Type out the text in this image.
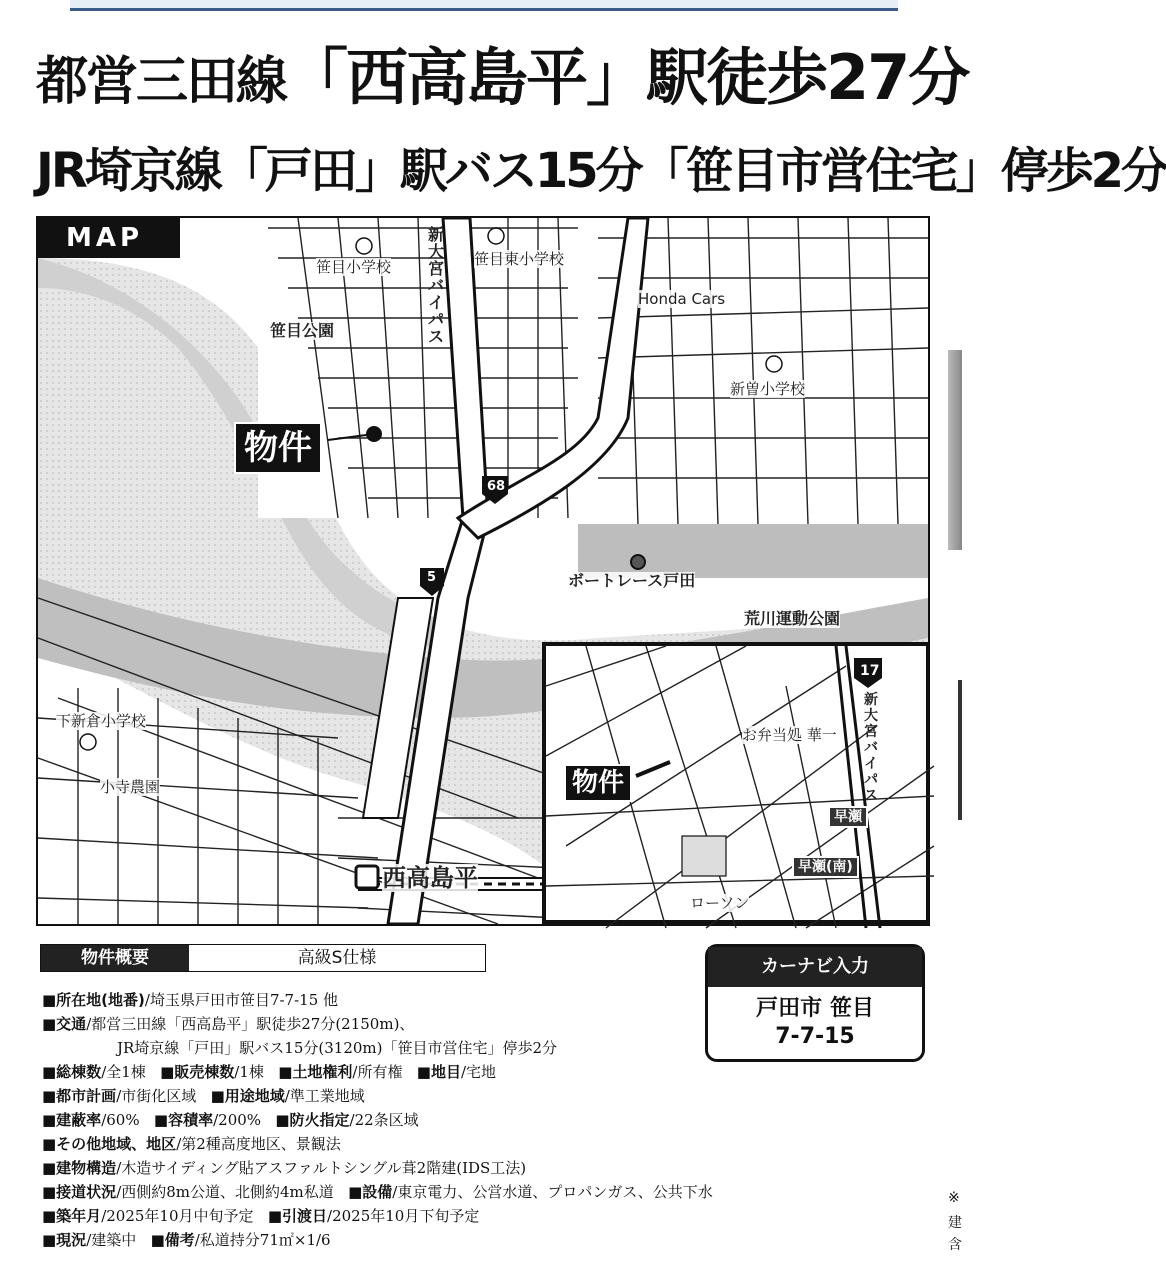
都営三田線「西高島平」駅徒歩27分
JR埼京線「戸田」駅バス15分「笹目市営住宅」停歩2分
MAP
笹目小学校	笹目東小学校
新大宮バイパス
Honda Cars
笹目公園
新曽小学校
物件
68
5	ボートレース戸田
荒川運動公園
下新倉小学校
小寺農園
西高島平
17
新大宮バイパス
お弁当処 華一
物件
早瀬
早瀬(南)
ローソン
物件概要	高級S仕様	カーナビ入力
戸田市 笹目
7-7-15
■所在地(地番)/埼玉県戸田市笹目7-7-15 他
■交通/都営三田線「西高島平」駅徒歩27分(2150m)、
JR埼京線「戸田」駅バス15分(3120m)「笹目市営住宅」停歩2分
■総棟数/全1棟 ■販売棟数/1棟 ■土地権利/所有権 ■地目/宅地
■都市計画/市街化区域 ■用途地域/準工業地域
■建蔽率/60% ■容積率/200% ■防火指定/22条区域
■その他地域、地区/第2種高度地区、景観法
■建物構造/木造サイディング貼アスファルトシングル葺2階建(IDS工法)
■接道状況/西側約8m公道、北側約4m私道 ■設備/東京電力、公営水道、プロパンガス、公共下水
■築年月/2025年10月中旬予定 ■引渡日/2025年10月下旬予定
■現況/建築中 ■備考/私道持分71㎡×1/6
※
建
含
